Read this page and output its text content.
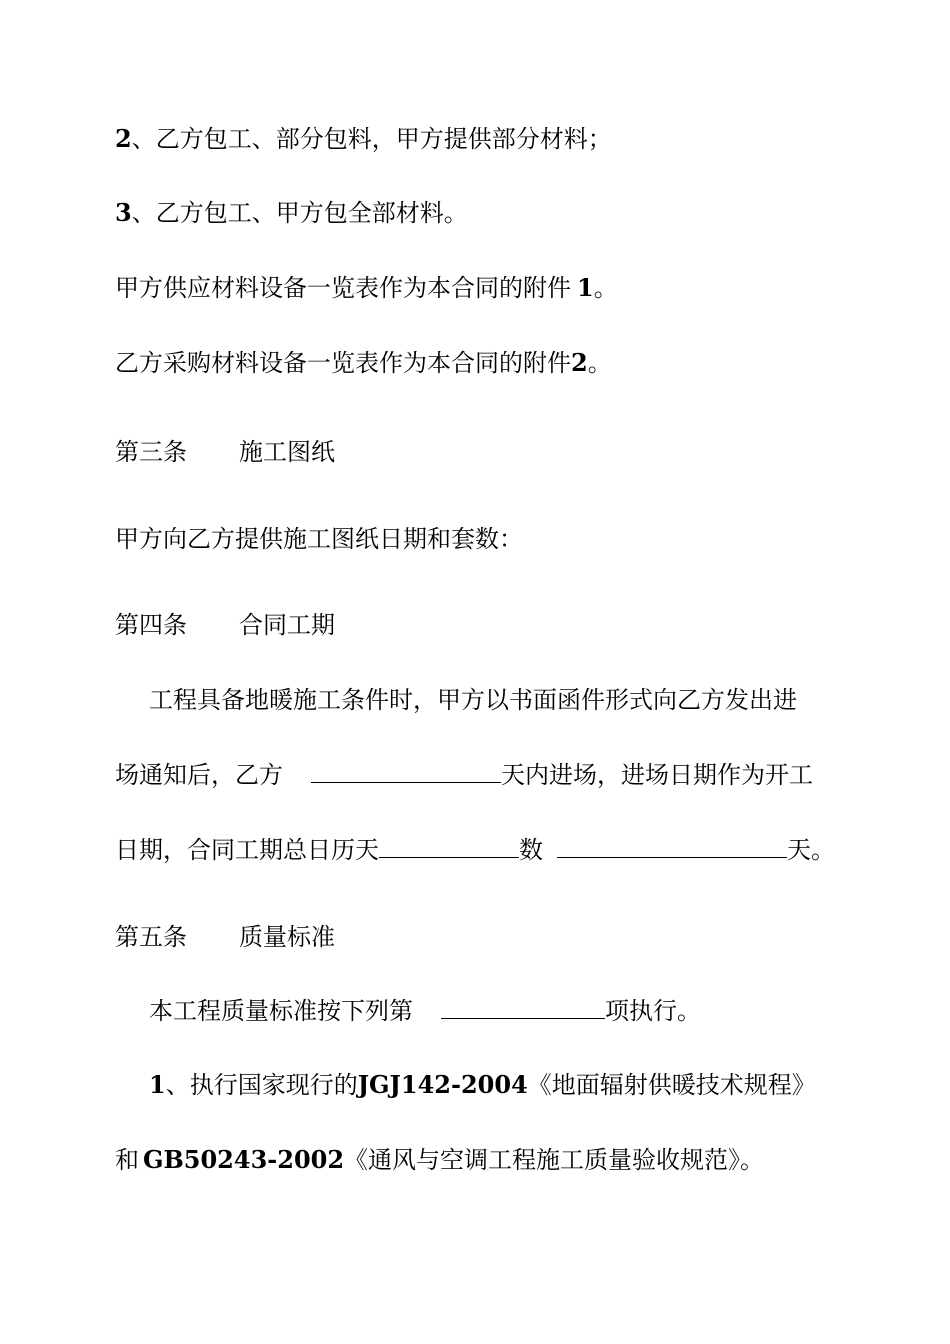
2、乙方包工、部分包料，甲方提供部分材料；
3、乙方包工、甲方包全部材料。
甲方供应材料设备一览表作为本合同的附件 1。
乙方采购材料设备一览表作为本合同的附件2。
第三条 施工图纸
甲方向乙方提供施工图纸日期和套数：
第四条 合同工期
工程具备地暖施工条件时，甲方以书面函件形式向乙方发出进
场通知后，乙方	天内进场，进场日期作为开工
日期，合同工期总日历天	数	天。
第五条 质量标准
本工程质量标准按下列第	项执行。
1、执行国家现行的JGJ142-2004《地面辐射供暖技术规程》
和 GB50243-2002《通风与空调工程施工质量验收规范》。
